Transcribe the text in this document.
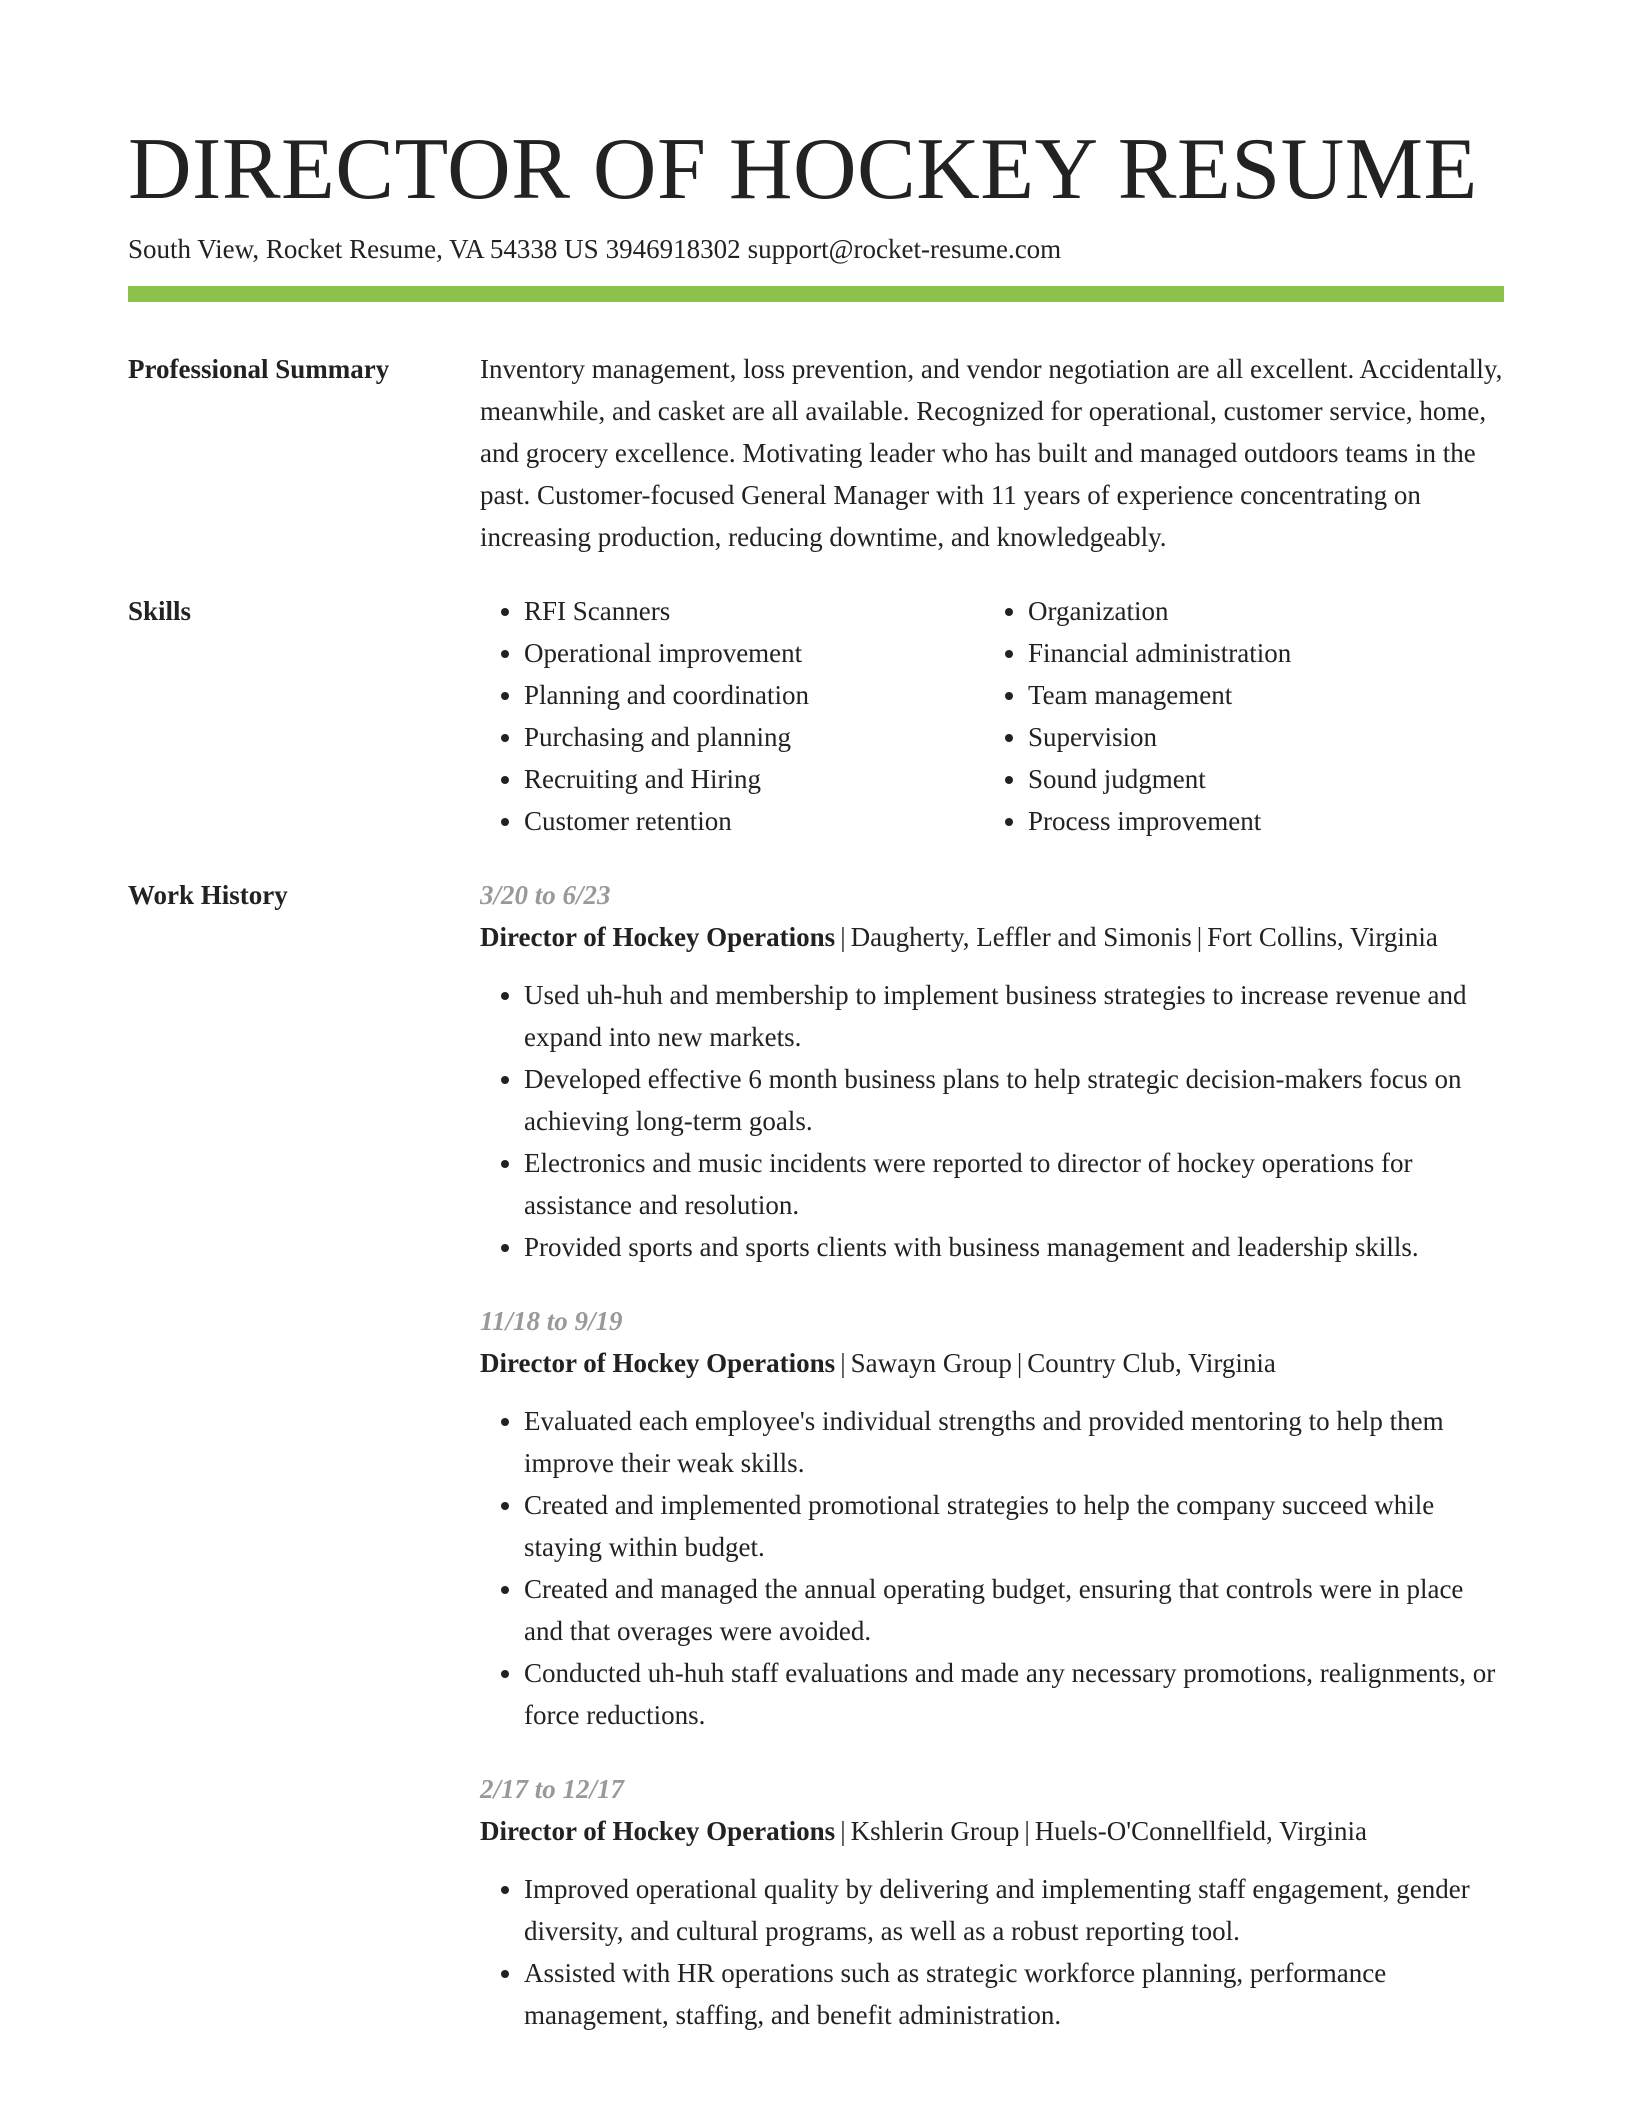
DIRECTOR OF HOCKEY RESUME
South View, Rocket Resume, VA 54338 US 3946918302 support@rocket-resume.com
Professional Summary	Inventory management, loss prevention, and vendor negotiation are all excellent. Accidentally, meanwhile, and casket are all available. Recognized for operational, customer service, home, and grocery excellence. Motivating leader who has built and managed outdoors teams in the past. Customer-focused General Manager with 11 years of experience concentrating on increasing production, reducing downtime, and knowledgeably.

Skills
•	RFI Scanners
• Operational improvement
• Planning and coordination
• Purchasing and planning
• Recruiting and Hiring
• Customer retention
• Organization
• Financial administration
• Team management
• Supervision
• Sound judgment
• Process improvement
Work History	3/20 to 6/23
Director of Hockey Operations | Daugherty, Leffler and Simonis | Fort Collins, Virginia
• Used uh-huh and membership to implement business strategies to increase revenue and expand into new markets.
• Developed effective 6 month business plans to help strategic decision-makers focus on achieving long-term goals.
• Electronics and music incidents were reported to director of hockey operations for assistance and resolution.
• Provided sports and sports clients with business management and leadership skills.
11/18 to 9/19
Director of Hockey Operations | Sawayn Group | Country Club, Virginia
• Evaluated each employee's individual strengths and provided mentoring to help them improve their weak skills.
• Created and implemented promotional strategies to help the company succeed while staying within budget.
• Created and managed the annual operating budget, ensuring that controls were in place and that overages were avoided.
• Conducted uh-huh staff evaluations and made any necessary promotions, realignments, or force reductions.
2/17 to 12/17
Director of Hockey Operations | Kshlerin Group | Huels-O'Connellfield, Virginia
• Improved operational quality by delivering and implementing staff engagement, gender diversity, and cultural programs, as well as a robust reporting tool.
• Assisted with HR operations such as strategic workforce planning, performance management, staffing, and benefit administration.
